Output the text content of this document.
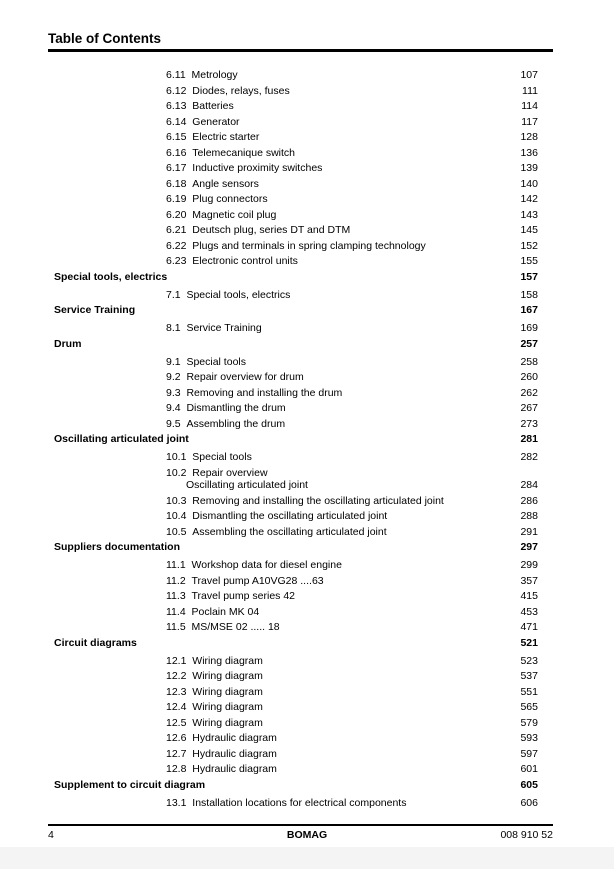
Table of Contents
6.11 Metrology	107
6.12 Diodes, relays, fuses	111
6.13 Batteries	114
6.14 Generator	117
6.15 Electric starter	128
6.16 Telemecanique switch	136
6.17 Inductive proximity switches	139
6.18 Angle sensors	140
6.19 Plug connectors	142
6.20 Magnetic coil plug	143
6.21 Deutsch plug, series DT and DTM	145
6.22 Plugs and terminals in spring clamping technology	152
6.23 Electronic control units	155
Special tools, electrics	157
7.1 Special tools, electrics	158
Service Training	167
8.1 Service Training	169
Drum	257
9.1 Special tools	258
9.2 Repair overview for drum	260
9.3 Removing and installing the drum	262
9.4 Dismantling the drum	267
9.5 Assembling the drum	273
Oscillating articulated joint	281
10.1 Special tools	282
10.2 Repair overview
Oscillating articulated joint	284
10.3 Removing and installing the oscillating articulated joint	286
10.4 Dismantling the oscillating articulated joint	288
10.5 Assembling the oscillating articulated joint	291
Suppliers documentation	297
11.1 Workshop data for diesel engine	299
11.2 Travel pump A10VG28 ....63	357
11.3 Travel pump series 42	415
11.4 Poclain MK 04	453
11.5 MS/MSE 02 ..... 18	471
Circuit diagrams	521
12.1 Wiring diagram	523
12.2 Wiring diagram	537
12.3 Wiring diagram	551
12.4 Wiring diagram	565
12.5 Wiring diagram	579
12.6 Hydraulic diagram	593
12.7 Hydraulic diagram	597
12.8 Hydraulic diagram	601
Supplement to circuit diagram	605
13.1 Installation locations for electrical components	606
4	BOMAG	008 910 52
